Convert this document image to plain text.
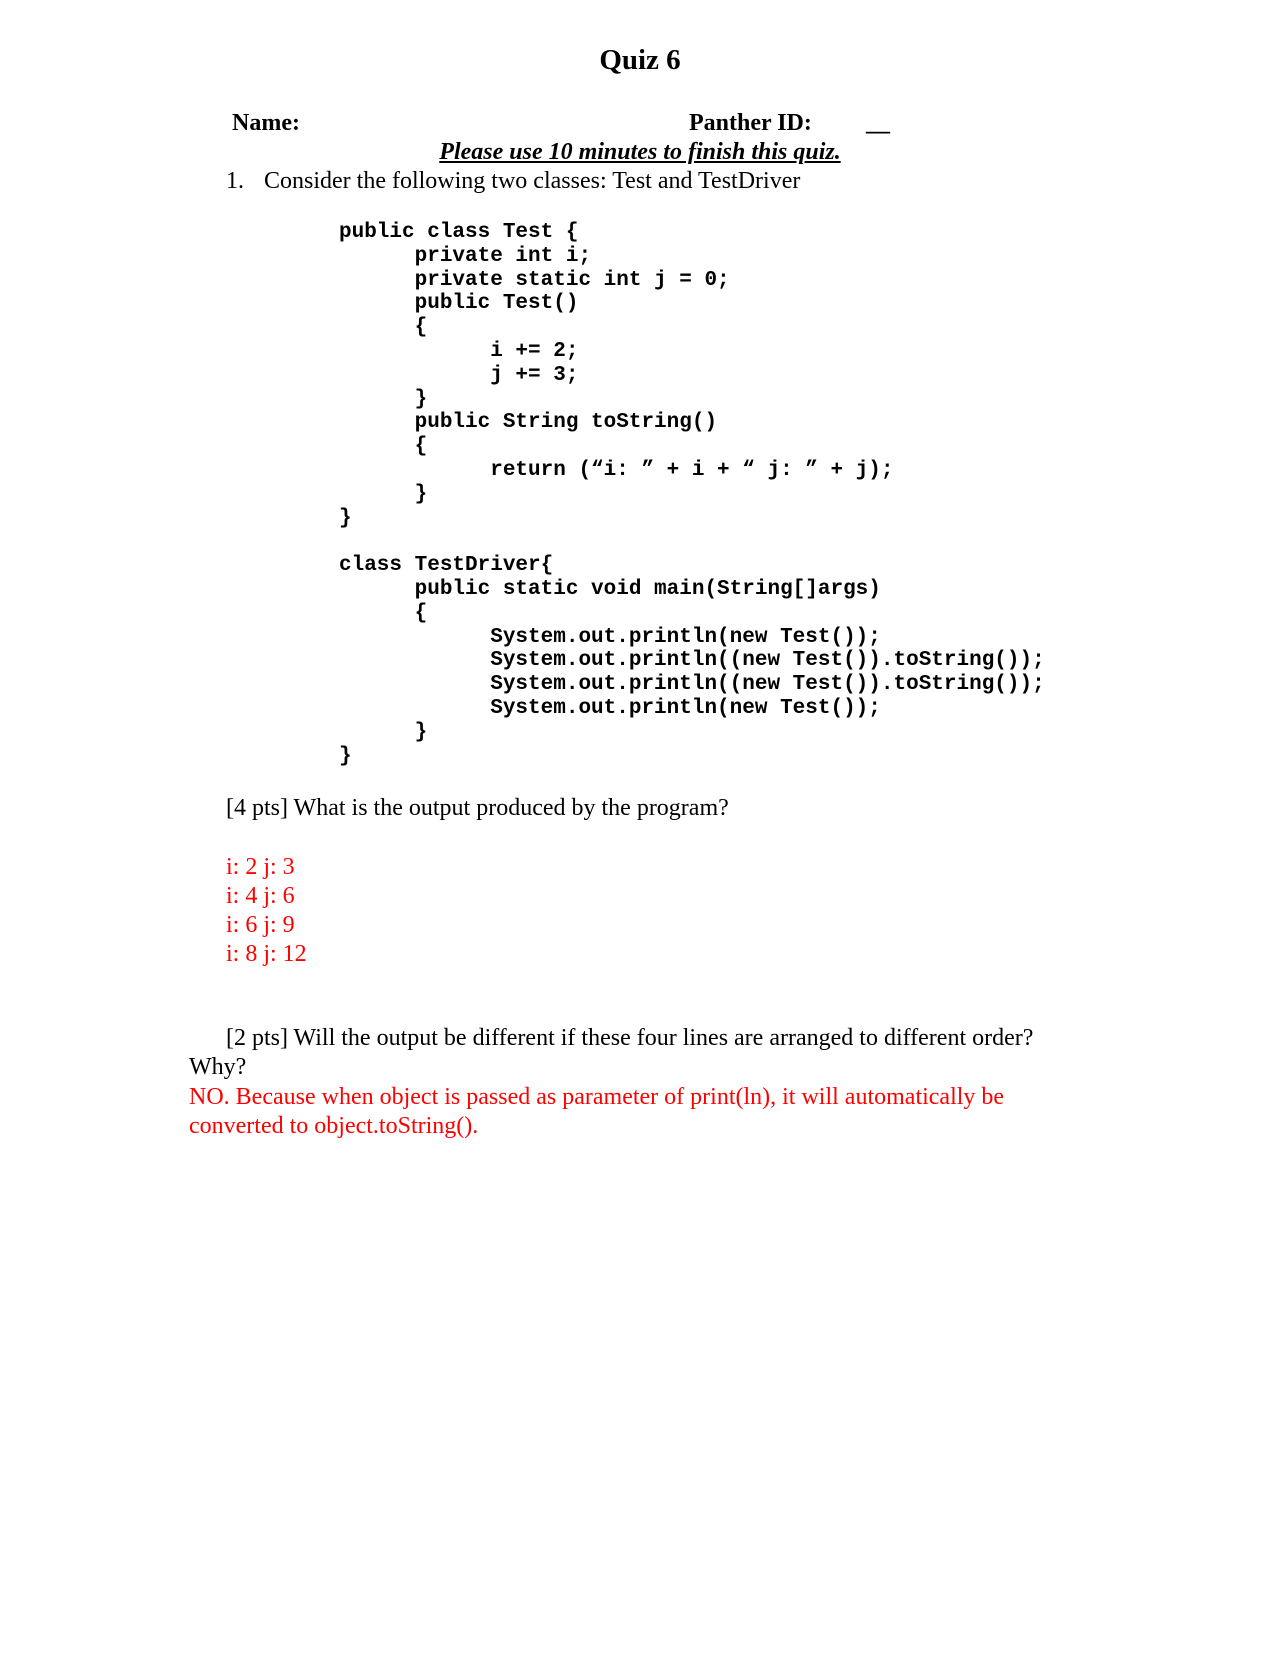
Quiz 6
Name:	Panther ID: __
Please use 10 minutes to finish this quiz.
1. Consider the following two classes: Test and TestDriver
public class Test {
private int i;
private static int j = 0;
public Test()
{
i += 2;
j += 3;
}
public String toString()
{
return (“i: ” + i + “ j: ” + j);
}
}
class TestDriver{
public static void main(String[]args)
{
System.out.println(new Test());
System.out.println((new Test()).toString());
System.out.println((new Test()).toString());
System.out.println(new Test());
}
}
[4 pts] What is the output produced by the program?
i: 2 j: 3
i: 4 j: 6
i: 6 j: 9
i: 8 j: 12
[2 pts] Will the output be different if these four lines are arranged to different order?
Why?
NO. Because when object is passed as parameter of print(ln), it will automatically be
converted to object.toString().
